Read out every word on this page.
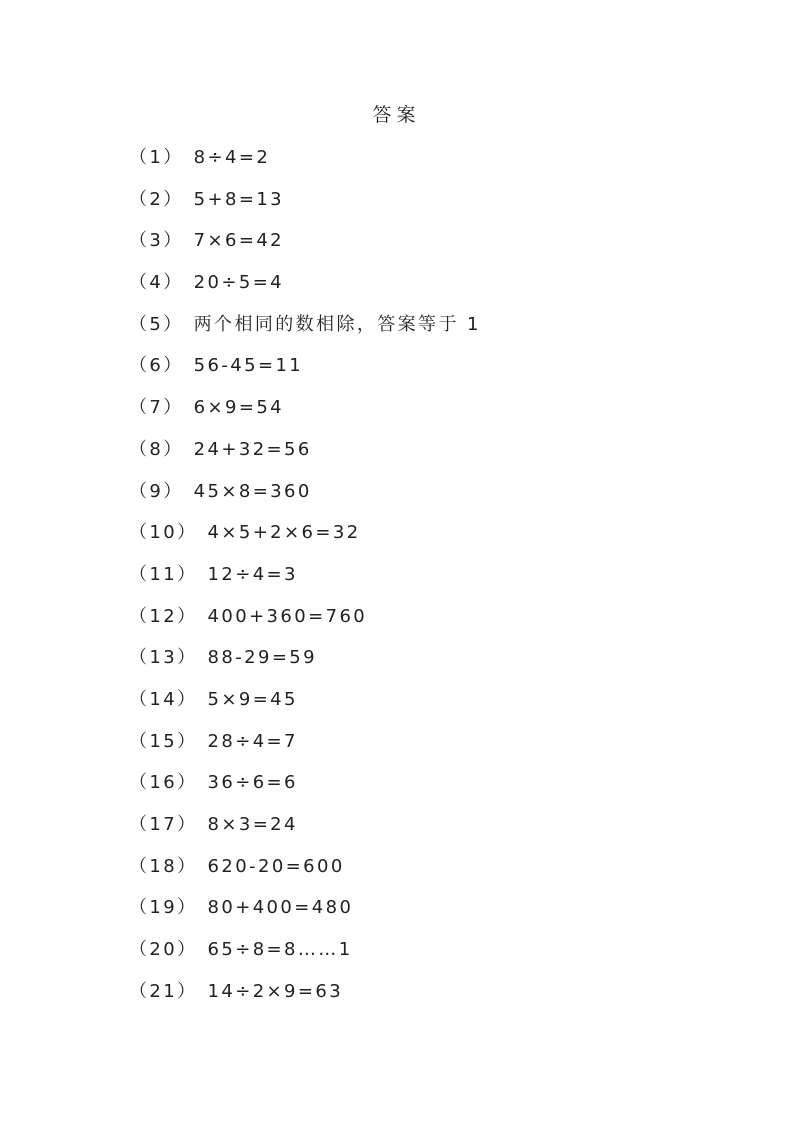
答案
（1） 8÷4=2
（2） 5+8=13
（3） 7×6=42
（4） 20÷5=4
（5） 两个相同的数相除，答案等于 1
（6） 56-45=11
（7） 6×9=54
（8） 24+32=56
（9） 45×8=360
（10） 4×5+2×6=32
（11） 12÷4=3
（12） 400+360=760
（13） 88-29=59
（14） 5×9=45
（15） 28÷4=7
（16） 36÷6=6
（17） 8×3=24
（18） 620-20=600
（19） 80+400=480
（20） 65÷8=8……1
（21） 14÷2×9=63
